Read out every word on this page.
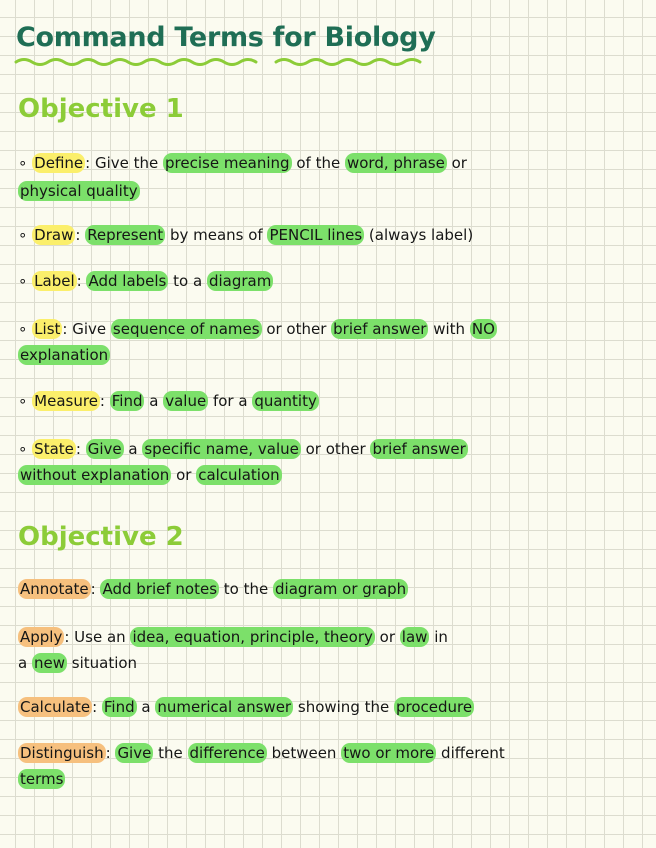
Command Terms for Biology
Objective 1
∘ Define : Give the precise meaning of the word, phrase or
physical quality
∘ Draw : Represent by means of PENCIL lines (always label)
∘ Label : Add labels to a diagram
∘ List : Give sequence of names or other brief answer with NO
explanation
∘ Measure : Find a value for a quantity
∘ State : Give a specific name, value or other brief answer
without explanation or calculation
Objective 2
Annotate : Add brief notes to the diagram or graph
Apply : Use an idea, equation, principle, theory or law in
a new situation
Calculate : Find a numerical answer showing the procedure
Distinguish : Give the difference between two or more different
terms
